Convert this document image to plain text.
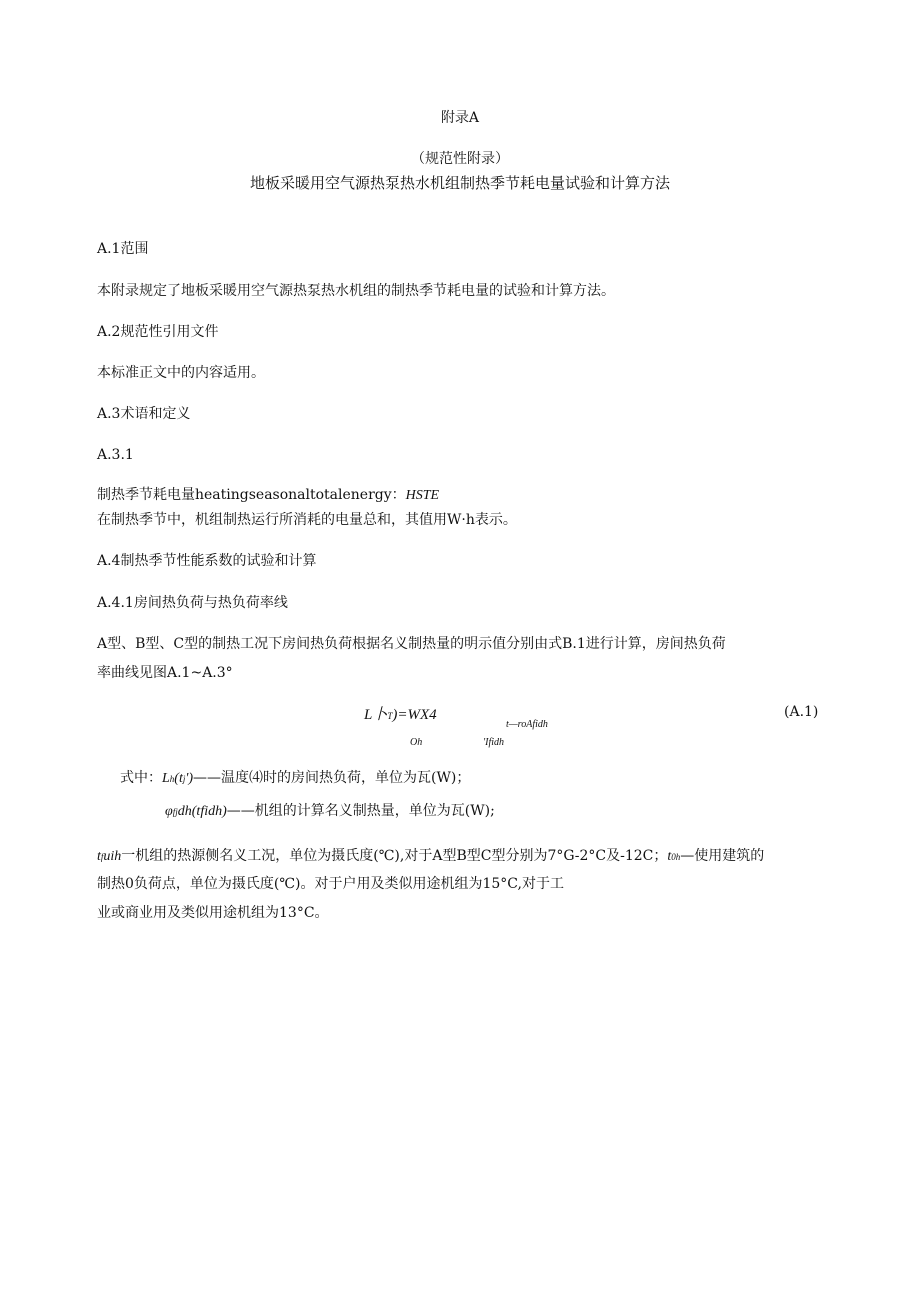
附录A
（规范性附录）
地板采暖用空气源热泵热水机组制热季节耗电量试验和计算方法
A.1范围
本附录规定了地板采暖用空气源热泵热水机组的制热季节耗电量的试验和计算方法。
A.2规范性引用文件
本标准正文中的内容适用。
A.3术语和定义
A.3.1
制热季节耗电量heatingseasonaltotalenergy：HSTE
在制热季节中，机组制热运行所消耗的电量总和，其值用W·h表示。
A.4制热季节性能系数的试验和计算
A.4.1房间热负荷与热负荷率线
A型、B型、C型的制热工况下房间热负荷根据名义制热量的明示值分别由式B.1进行计算，房间热负荷
率曲线见图A.1~A.3°
L卜T)=WX4
t—roAfidh
Oh	'Ifidh
(A.1)
式中：Lh(tj')——温度⑷时的房间热负荷，单位为瓦(W)；
φfjdh(tfidh)——机组的计算名义制热量，单位为瓦(W);
tfuih一机组的热源侧名义工况，单位为摄氏度(℃),对于A型B型C型分别为7°G-2°C及-12C；t0h—使用建筑的
制热0负荷点，单位为摄氏度(℃)。对于户用及类似用途机组为15°C,对于工
业或商业用及类似用途机组为13°C。
